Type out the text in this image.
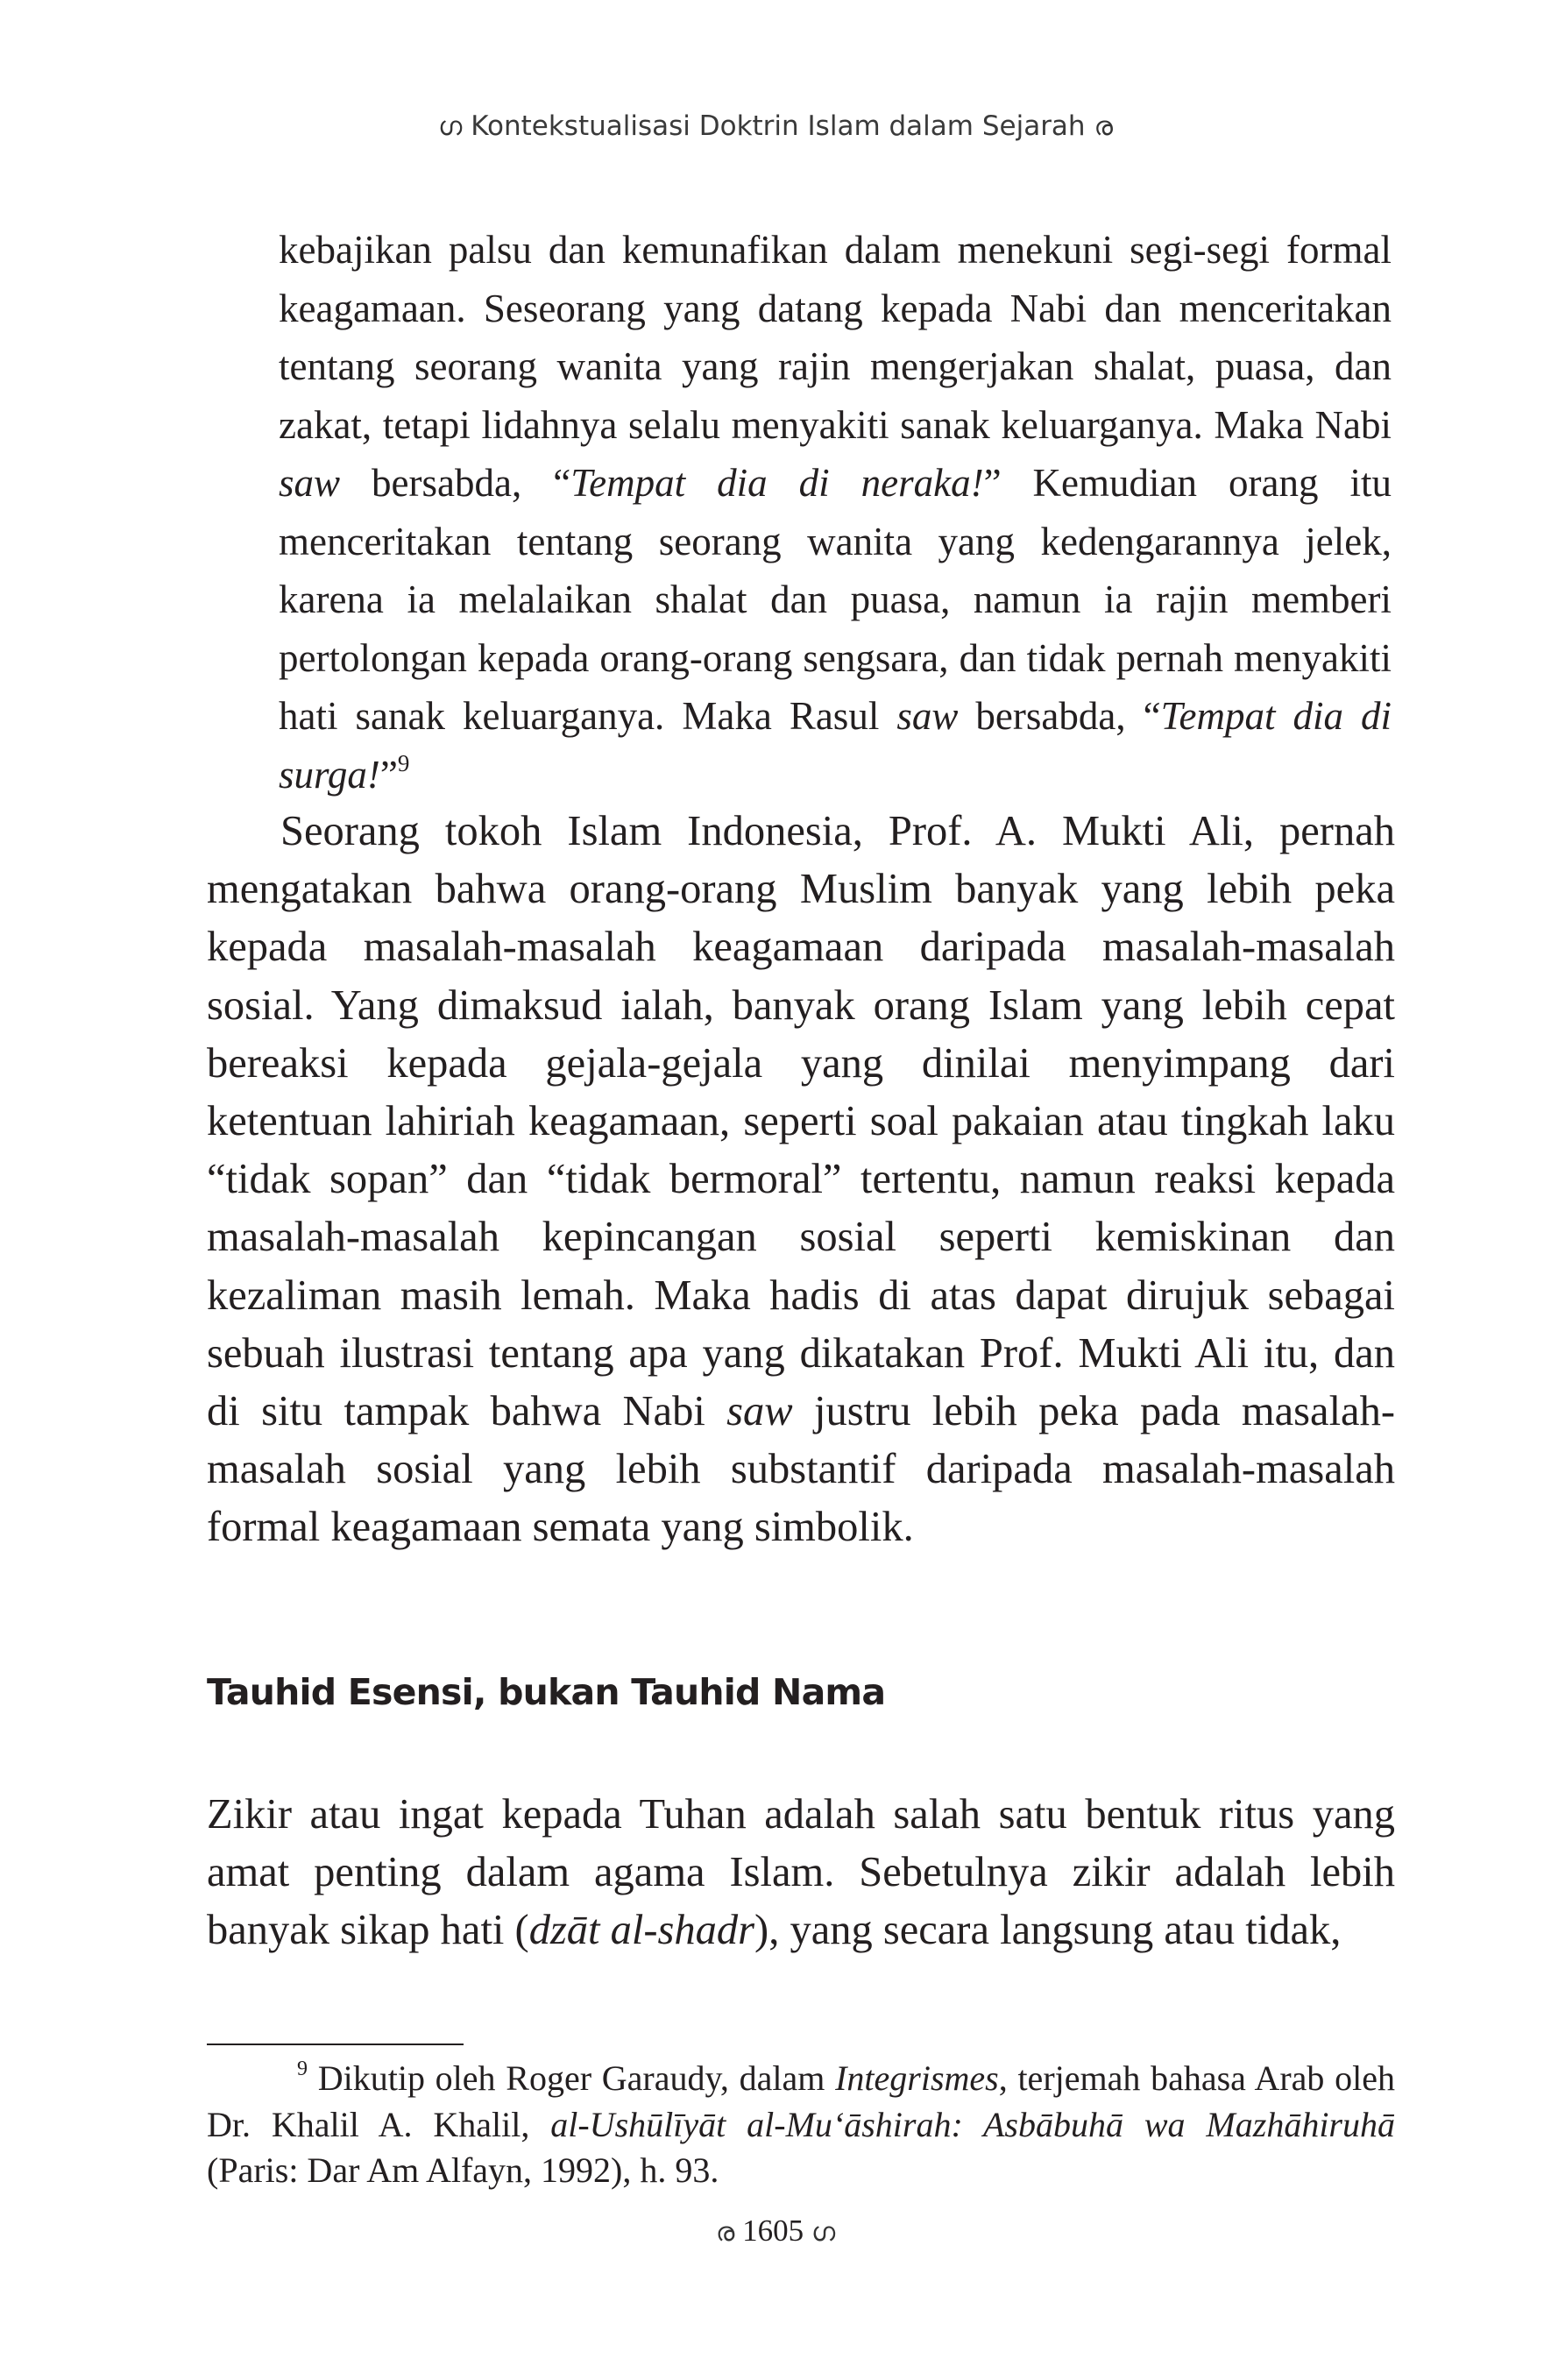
ഗ Kontekstualisasi Doktrin Islam dalam Sejarah ര
kebajikan palsu dan kemunafikan dalam menekuni segi-segi formal keagamaan. Seseorang yang datang kepada Nabi dan menceritakan tentang seorang wanita yang rajin mengerjakan shalat, puasa, dan zakat, tetapi lidahnya selalu menyakiti sanak keluarganya. Maka Nabi saw bersabda, “Tempat dia di neraka!” Kemudian orang itu menceritakan tentang seorang wanita yang kedengarannya jelek, karena ia melalaikan shalat dan puasa, namun ia rajin memberi pertolongan kepada orang-orang sengsara, dan tidak pernah menyakiti hati sanak keluarganya. Maka Rasul saw bersabda, “Tempat dia di surga!”$^9$

Seorang tokoh Islam Indonesia, Prof. A. Mukti Ali, pernah mengatakan bahwa orang-orang Muslim banyak yang lebih peka kepada masalah-masalah keagamaan daripada masalah-masalah sosial. Yang dimaksud ialah, banyak orang Islam yang lebih cepat bereaksi kepada gejala-gejala yang dinilai menyimpang dari ketentuan lahiriah keagamaan, seperti soal pakaian atau tingkah laku “tidak sopan” dan “tidak bermoral” tertentu, namun reaksi kepada masalah-masalah kepincangan sosial seperti kemiskinan dan kezaliman masih lemah. Maka hadis di atas dapat dirujuk sebagai sebuah ilustrasi tentang apa yang dikatakan Prof. Mukti Ali itu, dan di situ tampak bahwa Nabi saw justru lebih peka pada masalah-masalah sosial yang lebih substantif daripada masalah-masalah formal keagamaan semata yang simbolik.

Tauhid Esensi, bukan Tauhid Nama

Zikir atau ingat kepada Tuhan adalah salah satu bentuk ritus yang amat penting dalam agama Islam. Sebetulnya zikir adalah lebih banyak sikap hati (dzāt al-shadr), yang secara langsung atau tidak,

$^9$ Dikutip oleh Roger Garaudy, dalam Integrismes, terjemah bahasa Arab oleh Dr. Khalil A. Khalil, al-Ushūlīyāt al-Mu‘āshirah: Asbābuhā wa Mazhāhiruhā (Paris: Dar Am Alfayn, 1992), h. 93.
ര 1605 ഗ
